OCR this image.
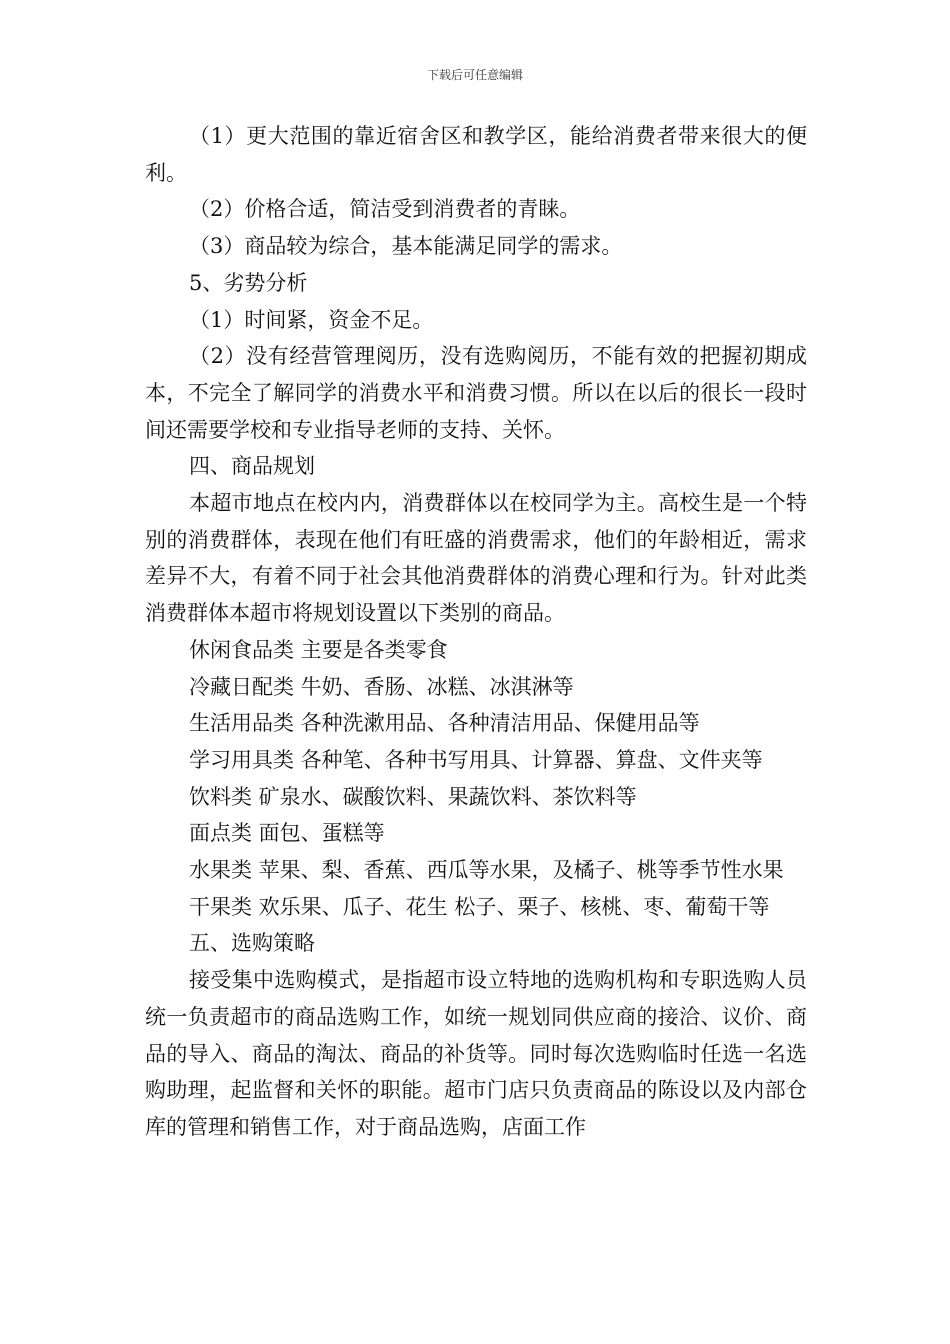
下载后可任意编辑

（1）更大范围的靠近宿舍区和教学区，能给消费者带来很大的便利。

（2）价格合适，简洁受到消费者的青睐。

（3）商品较为综合，基本能满足同学的需求。

5、劣势分析

（1）时间紧，资金不足。

（2）没有经营管理阅历，没有选购阅历，不能有效的把握初期成本，不完全了解同学的消费水平和消费习惯。所以在以后的很长一段时间还需要学校和专业指导老师的支持、关怀。

四、商品规划

本超市地点在校内内，消费群体以在校同学为主。高校生是一个特别的消费群体，表现在他们有旺盛的消费需求，他们的年龄相近，需求差异不大，有着不同于社会其他消费群体的消费心理和行为。针对此类消费群体本超市将规划设置以下类别的商品。

休闲食品类 主要是各类零食

冷藏日配类 牛奶、香肠、冰糕、冰淇淋等

生活用品类 各种洗漱用品、各种清洁用品、保健用品等

学习用具类 各种笔、各种书写用具、计算器、算盘、文件夹等

饮料类 矿泉水、碳酸饮料、果蔬饮料、茶饮料等

面点类 面包、蛋糕等

水果类 苹果、梨、香蕉、西瓜等水果，及橘子、桃等季节性水果

干果类 欢乐果、瓜子、花生 松子、栗子、核桃、枣、葡萄干等

五、选购策略

接受集中选购模式，是指超市设立特地的选购机构和专职选购人员统一负责超市的商品选购工作，如统一规划同供应商的接洽、议价、商品的导入、商品的淘汰、商品的补货等。同时每次选购临时任选一名选购助理，起监督和关怀的职能。超市门店只负责商品的陈设以及内部仓库的管理和销售工作，对于商品选购，店面工作
